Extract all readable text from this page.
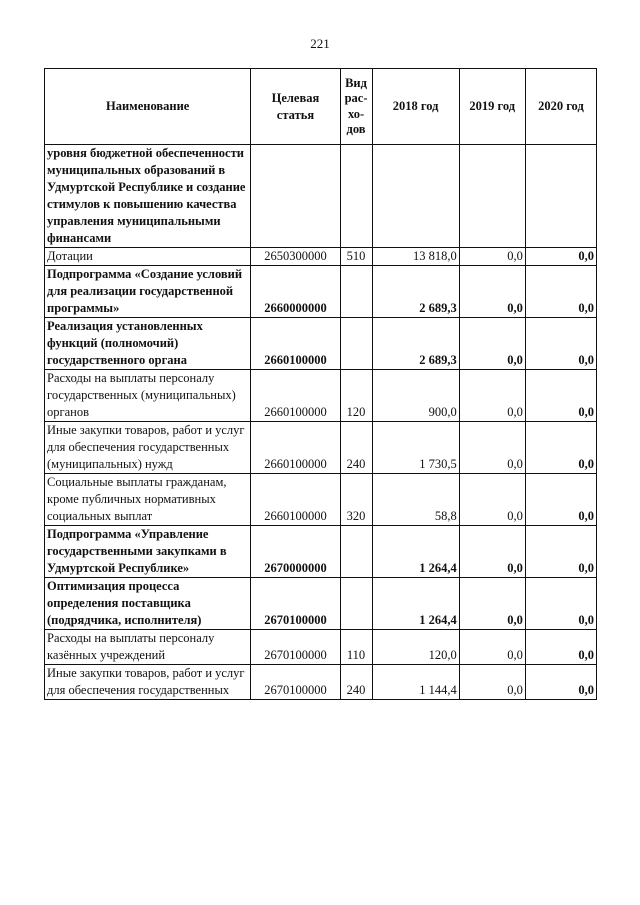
221
Наименование	Целевая статья	Вид рас-хо-дов	2018 год	2019 год	2020 год
уровня бюджетной обеспеченности муниципальных образований в Удмуртской Республике и создание стимулов к повышению качества управления муниципальными финансами					
Дотации	2650300000	510	13 818,0	0,0	0,0
Подпрограмма «Создание условий для реализации государственной программы»	2660000000		2 689,3	0,0	0,0
Реализация установленных функций (полномочий) государственного органа	2660100000		2 689,3	0,0	0,0
Расходы на выплаты персоналу государственных (муниципальных) органов	2660100000	120	900,0	0,0	0,0
Иные закупки товаров, работ и услуг для обеспечения государственных (муниципальных) нужд	2660100000	240	1 730,5	0,0	0,0
Социальные выплаты гражданам, кроме публичных нормативных социальных выплат	2660100000	320	58,8	0,0	0,0
Подпрограмма «Управление государственными закупками в Удмуртской Республике»	2670000000		1 264,4	0,0	0,0
Оптимизация процесса определения поставщика (подрядчика, исполнителя)	2670100000		1 264,4	0,0	0,0
Расходы на выплаты персоналу казённых учреждений	2670100000	110	120,0	0,0	0,0
Иные закупки товаров, работ и услуг для обеспечения государственных	2670100000	240	1 144,4	0,0	0,0
